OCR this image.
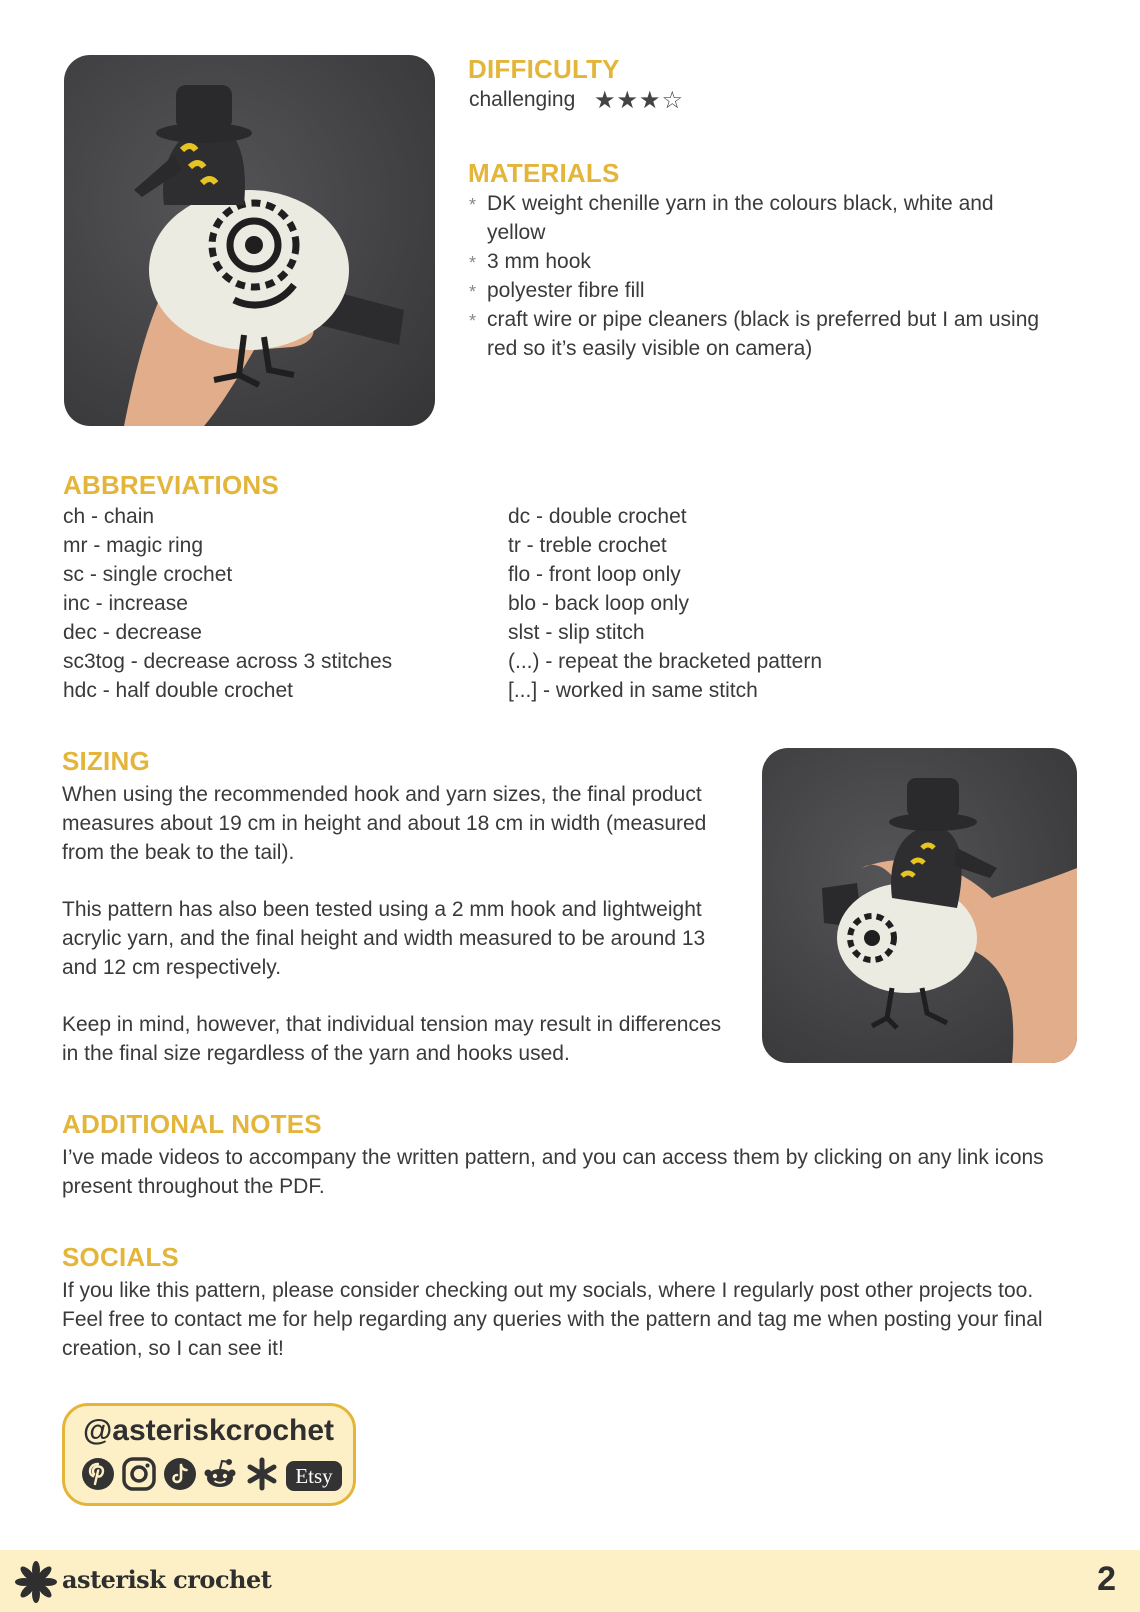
DIFFICULTY
challenging ★★★☆
MATERIALS
* DK weight chenille yarn in the colours black, white and yellow
* 3 mm hook
* polyester fibre fill
* craft wire or pipe cleaners (black is preferred but I am using red so it’s easily visible on camera)
ABBREVIATIONS
ch - chain
mr - magic ring
sc - single crochet
inc - increase
dec - decrease
sc3tog - decrease across 3 stitches
hdc - half double crochet
dc - double crochet
tr - treble crochet
flo - front loop only
blo - back loop only
slst - slip stitch
(...) - repeat the bracketed pattern
[...] - worked in same stitch
SIZING

When using the recommended hook and yarn sizes, the final product measures about 19 cm in height and about 18 cm in width (measured from the beak to the tail).

This pattern has also been tested using a 2 mm hook and lightweight acrylic yarn, and the final height and width measured to be around 13 and 12 cm respectively.

Keep in mind, however, that individual tension may result in differences in the final size regardless of the yarn and hooks used.

ADDITIONAL NOTES

I’ve made videos to accompany the written pattern, and you can access them by clicking on any link icons present throughout the PDF.

SOCIALS

If you like this pattern, please consider checking out my socials, where I regularly post other projects too. Feel free to contact me for help regarding any queries with the pattern and tag me when posting your final creation, so I can see it!

@asteriskcrochet
Etsy
asterisk crochet	2
